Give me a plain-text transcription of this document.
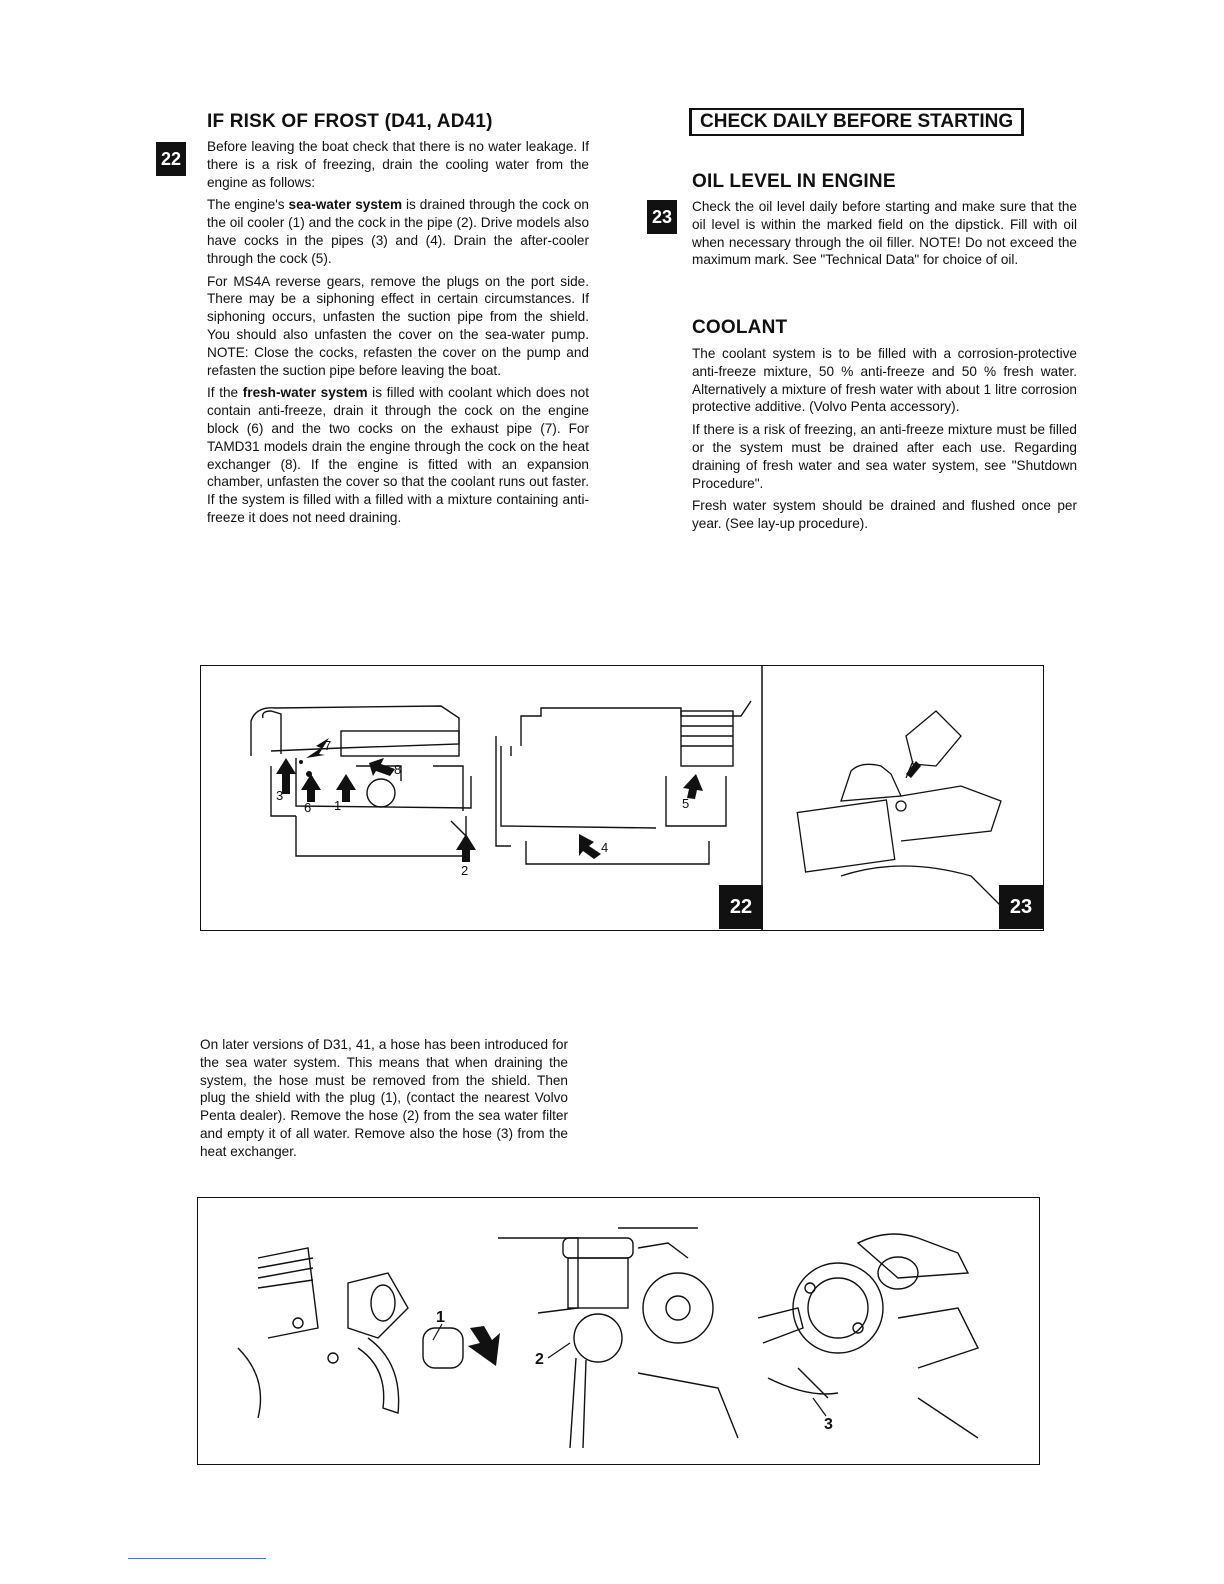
IF RISK OF FROST (D41, AD41)
22

Before leaving the boat check that there is no water leakage. If there is a risk of freezing, drain the cooling water from the engine as follows:

The engine's sea-water system is drained through the cock on the oil cooler (1) and the cock in the pipe (2). Drive models also have cocks in the pipes (3) and (4). Drain the after-cooler through the cock (5).

For MS4A reverse gears, remove the plugs on the port side. There may be a siphoning effect in certain circumstances. If siphoning occurs, unfasten the suction pipe from the shield. You should also unfasten the cover on the sea-water pump. NOTE: Close the cocks, refasten the cover on the pump and refasten the suction pipe before leaving the boat.

If the fresh-water system is filled with coolant which does not contain anti-freeze, drain it through the cock on the engine block (6) and the two cocks on the exhaust pipe (7). For TAMD31 models drain the engine through the cock on the heat exchanger (8). If the engine is fitted with an expansion chamber, unfasten the cover so that the coolant runs out faster. If the system is filled with a filled with a mixture containing anti-freeze it does not need draining.

CHECK DAILY BEFORE STARTING
OIL LEVEL IN ENGINE
23	Check the oil level daily before starting and make sure that the oil level is within the marked field on the dipstick. Fill with oil when necessary through the oil filler. NOTE! Do not exceed the maximum mark. See "Technical Data" for choice of oil.

COOLANT

The coolant system is to be filled with a corrosion-protective anti-freeze mixture, 50 % anti-freeze and 50 % fresh water. Alternatively a mixture of fresh water with about 1 litre corrosion protective additive. (Volvo Penta accessory).

If there is a risk of freezing, an anti-freeze mixture must be filled or the system must be drained after each use. Regarding draining of fresh water and sea water system, see "Shutdown Procedure".

Fresh water system should be drained and flushed once per year. (See lay-up procedure).

7
8
3
6 1
2
5
4
22	23

On later versions of D31, 41, a hose has been introduced for the sea water system. This means that when draining the system, the hose must be removed from the shield. Then plug the shield with the plug (1), (contact the nearest Volvo Penta dealer). Remove the hose (2) from the sea water filter and empty it of all water. Remove also the hose (3) from the heat exchanger.

1
2
3
